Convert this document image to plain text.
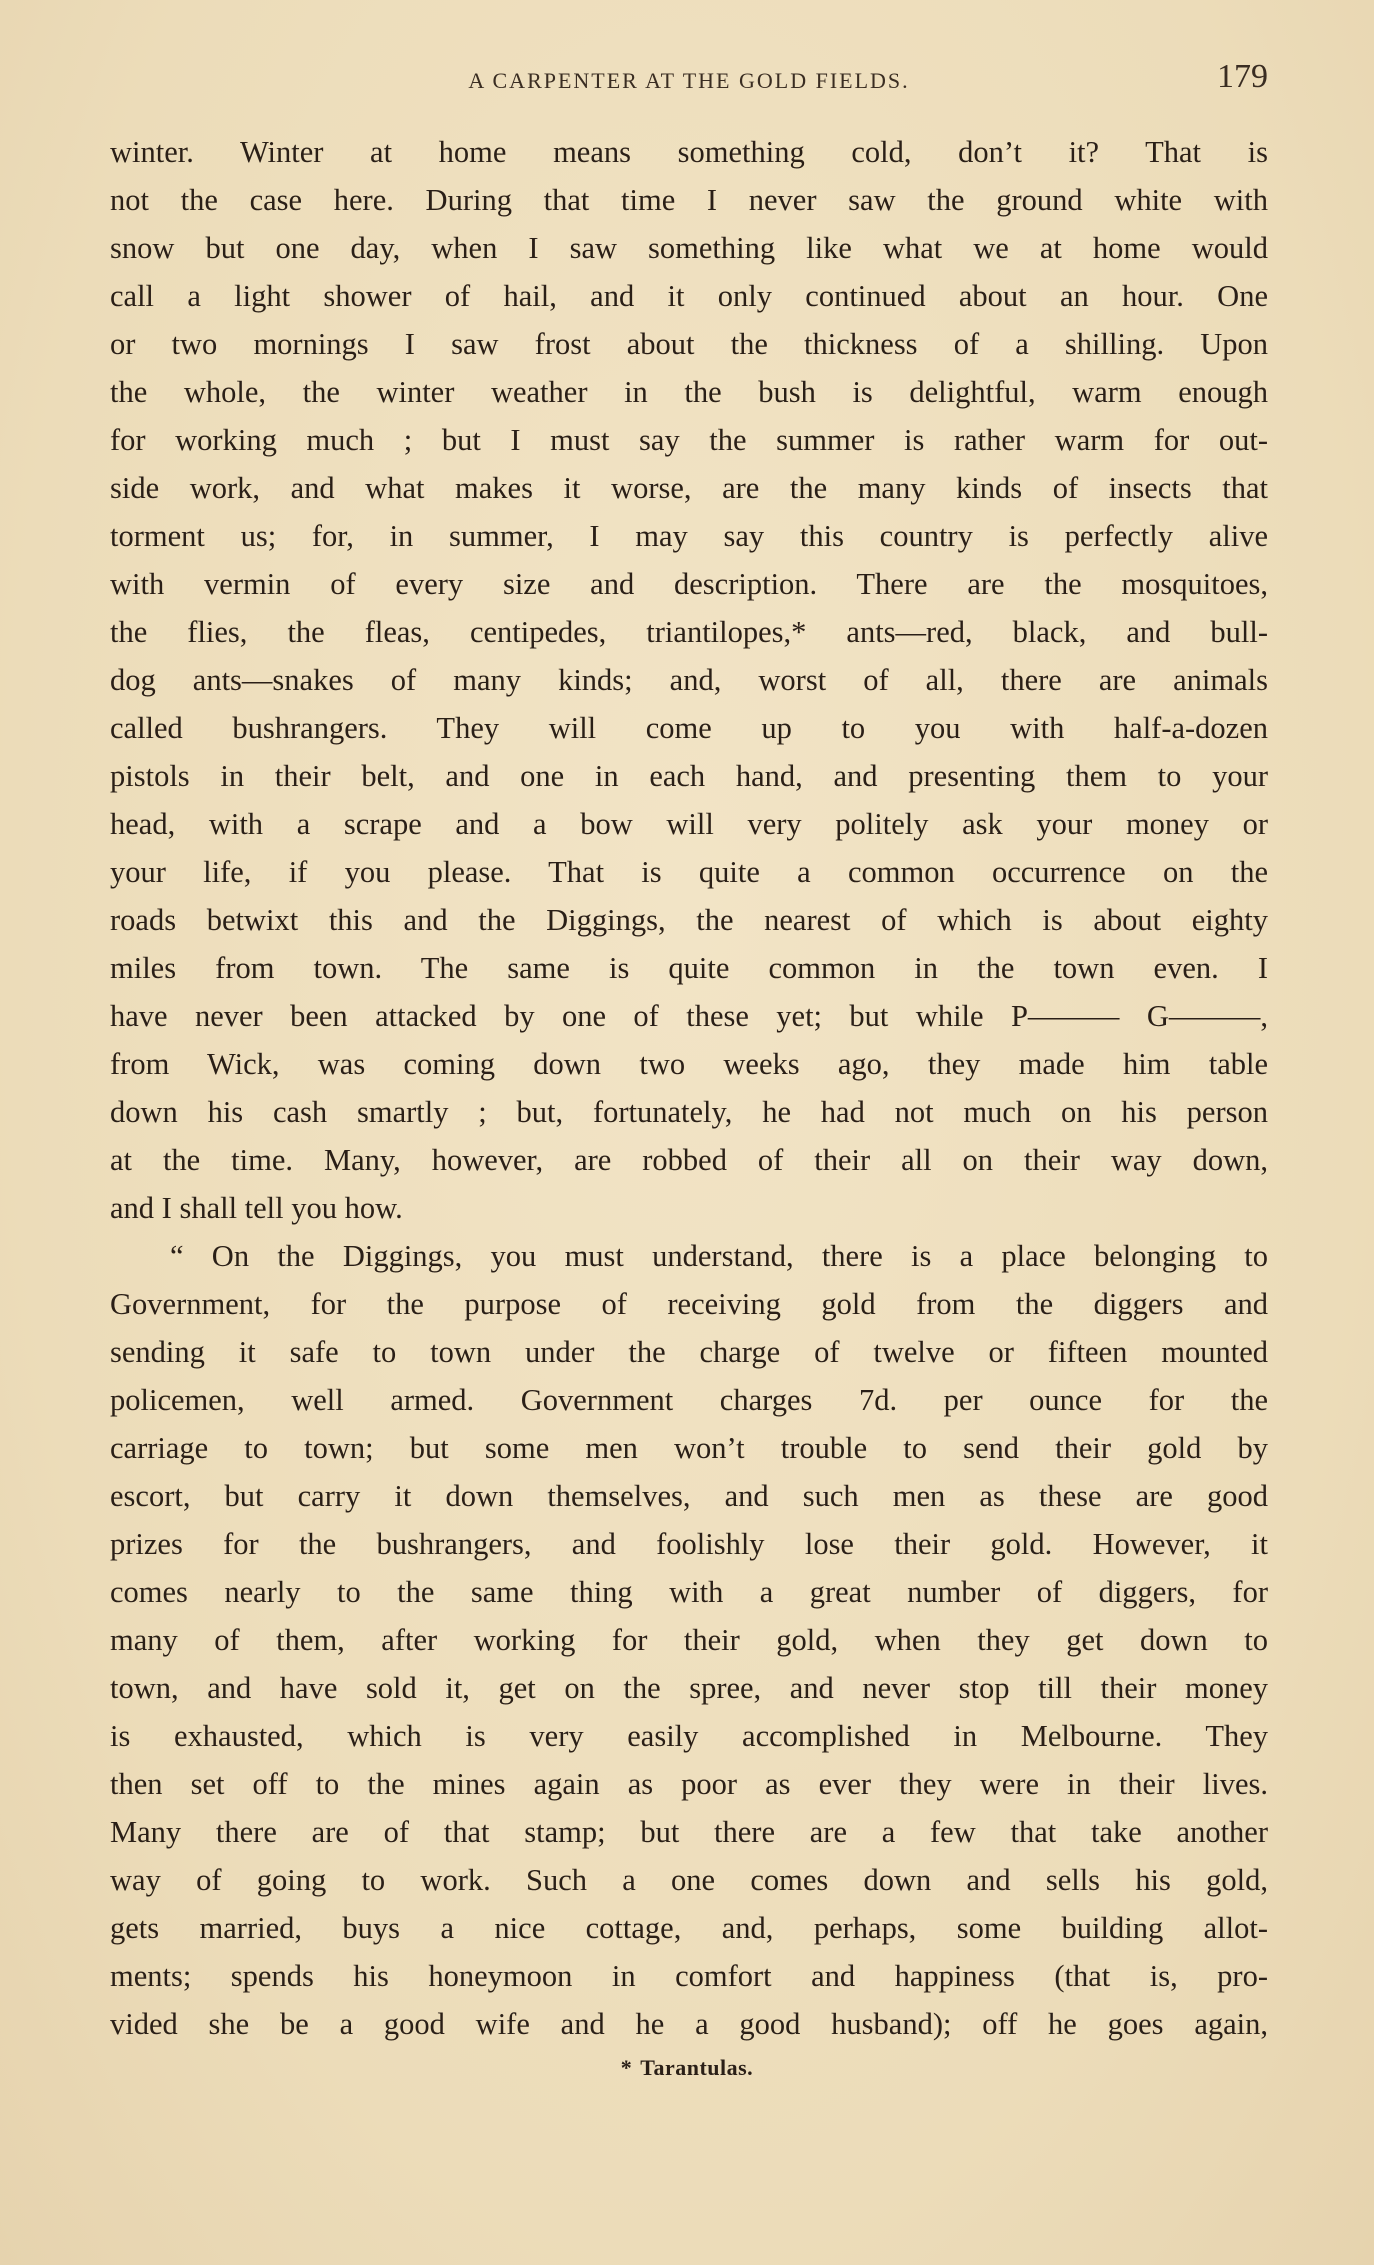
A CARPENTER AT THE GOLD FIELDS.	179
winter. Winter at home means something cold, don’t it? That is
not the case here. During that time I never saw the ground white with
snow but one day, when I saw something like what we at home would
call a light shower of hail, and it only continued about an hour. One
or two mornings I saw frost about the thickness of a shilling. Upon
the whole, the winter weather in the bush is delightful, warm enough
for working much ; but I must say the summer is rather warm for out-
side work, and what makes it worse, are the many kinds of insects that
torment us; for, in summer, I may say this country is perfectly alive
with vermin of every size and description. There are the mosquitoes,
the flies, the fleas, centipedes, triantilopes,* ants—red, black, and bull-
dog ants—snakes of many kinds; and, worst of all, there are animals
called bushrangers. They will come up to you with half-a-dozen
pistols in their belt, and one in each hand, and presenting them to your
head, with a scrape and a bow will very politely ask your money or
your life, if you please. That is quite a common occurrence on the
roads betwixt this and the Diggings, the nearest of which is about eighty
miles from town. The same is quite common in the town even. I
have never been attacked by one of these yet; but while P——— G———,
from Wick, was coming down two weeks ago, they made him table
down his cash smartly ; but, fortunately, he had not much on his person
at the time. Many, however, are robbed of their all on their way down,
and I shall tell you how.
“ On the Diggings, you must understand, there is a place belonging to
Government, for the purpose of receiving gold from the diggers and
sending it safe to town under the charge of twelve or fifteen mounted
policemen, well armed. Government charges 7d. per ounce for the
carriage to town; but some men won’t trouble to send their gold by
escort, but carry it down themselves, and such men as these are good
prizes for the bushrangers, and foolishly lose their gold. However, it
comes nearly to the same thing with a great number of diggers, for
many of them, after working for their gold, when they get down to
town, and have sold it, get on the spree, and never stop till their money
is exhausted, which is very easily accomplished in Melbourne. They
then set off to the mines again as poor as ever they were in their lives.
Many there are of that stamp; but there are a few that take another
way of going to work. Such a one comes down and sells his gold,
gets married, buys a nice cottage, and, perhaps, some building allot-
ments; spends his honeymoon in comfort and happiness (that is, pro-
vided she be a good wife and he a good husband); off he goes again,
* Tarantulas.
